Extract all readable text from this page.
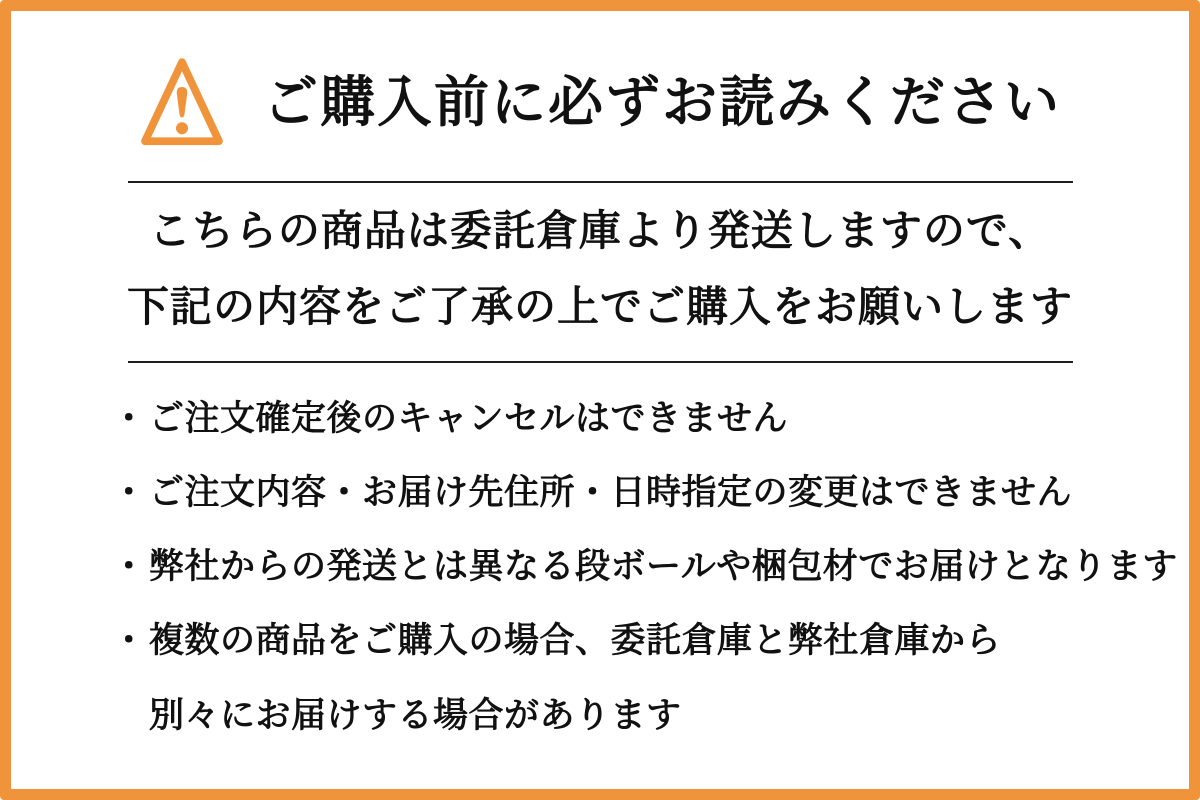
ご購入前に必ずお読みください
こちらの商品は委託倉庫より発送しますので、
下記の内容をご了承の上でご購入をお願いします
・ ご注文確定後のキャンセルはできません
・ ご注文内容・お届け先住所・日時指定の変更はできません
・ 弊社からの発送とは異なる段ボールや梱包材でお届けとなります
・ 複数の商品をご購入の場合、委託倉庫と弊社倉庫から
別々にお届けする場合があります
